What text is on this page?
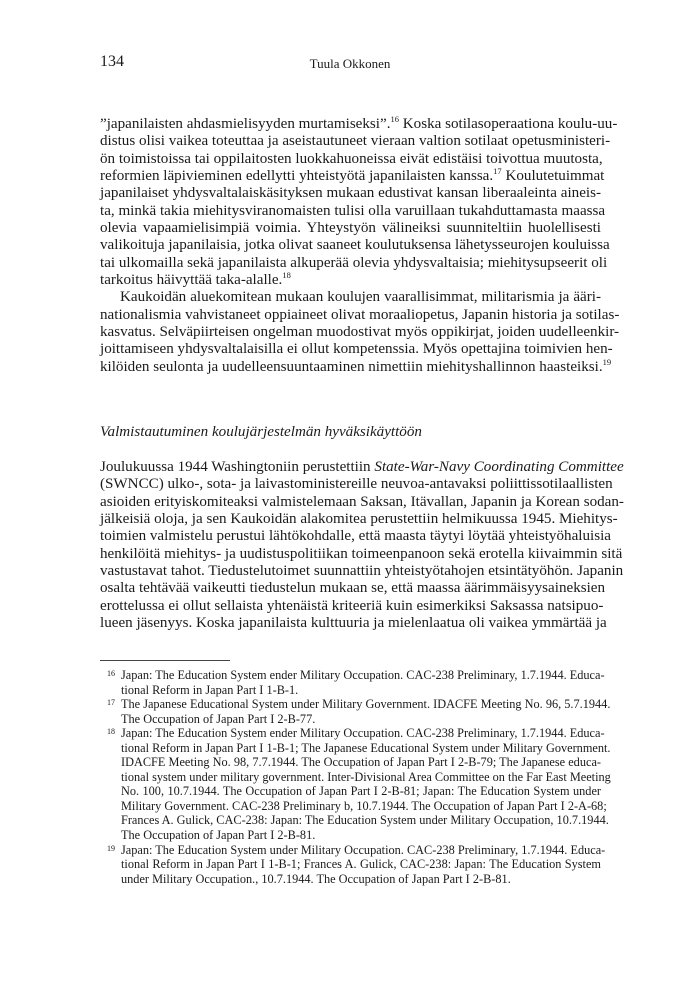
134	Tuula Okkonen
”japanilaisten ahdasmielisyyden murtamiseksi”.$^{16}$ Koska sotilasoperaationa koulu-uu-
distus olisi vaikea toteuttaa ja aseistautuneet vieraan valtion sotilaat opetusministeri-
ön toimistoissa tai oppilaitosten luokkahuoneissa eivät edistäisi toivottua muutosta,
reformien läpivieminen edellytti yhteistyötä japanilaisten kanssa.$^{17}$ Koulutetuimmat
japanilaiset yhdysvaltalaiskäsityksen mukaan edustivat kansan liberaaleinta aineis-
ta, minkä takia miehitysviranomaisten tulisi olla varuillaan tukahduttamasta maassa
olevia vapaamielisimpiä voimia. Yhteystyön välineiksi suunniteltiin huolellisesti
valikoituja japanilaisia, jotka olivat saaneet koulutuksensa lähetysseurojen kouluissa
tai ulkomailla sekä japanilaista alkuperää olevia yhdysvaltaisia; miehitysupseerit oli
tarkoitus häivyttää taka-alalle.$^{18}$
Kaukoidän aluekomitean mukaan koulujen vaarallisimmat, militarismia ja ääri-
nationalismia vahvistaneet oppiaineet olivat moraaliopetus, Japanin historia ja sotilas-
kasvatus. Selväpiirteisen ongelman muodostivat myös oppikirjat, joiden uudelleenkir-
joittamiseen yhdysvaltalaisilla ei ollut kompetenssia. Myös opettajina toimivien hen-
kilöiden seulonta ja uudelleensuuntaaminen nimettiin miehityshallinnon haasteiksi.$^{19}$
Valmistautuminen koulujärjestelmän hyväksikäyttöön
Joulukuussa 1944 Washingtoniin perustettiin State-War-Navy Coordinating Committee
(SWNCC) ulko-, sota- ja laivastoministereille neuvoa-antavaksi poliittissotilaallisten
asioiden erityiskomiteaksi valmistelemaan Saksan, Itävallan, Japanin ja Korean sodan-
jälkeisiä oloja, ja sen Kaukoidän alakomitea perustettiin helmikuussa 1945. Miehitys-
toimien valmistelu perustui lähtökohdalle, että maasta täytyi löytää yhteistyöhaluisia
henkilöitä miehitys- ja uudistuspolitiikan toimeenpanoon sekä erotella kiivaimmin sitä
vastustavat tahot. Tiedustelutoimet suunnattiin yhteistyötahojen etsintätyöhön. Japanin
osalta tehtävää vaikeutti tiedustelun mukaan se, että maassa äärimmäisyysaineksien
erottelussa ei ollut sellaista yhtenäistä kriteeriä kuin esimerkiksi Saksassa natsipuo-
lueen jäsenyys. Koska japanilaista kulttuuria ja mielenlaatua oli vaikea ymmärtää ja
16 Japan: The Education System ender Military Occupation. CAC-238 Preliminary, 1.7.1944. Educa-
tional Reform in Japan Part I 1-B-1.
17 The Japanese Educational System under Military Government. IDACFE Meeting No. 96, 5.7.1944.
The Occupation of Japan Part I 2-B-77.
18 Japan: The Education System ender Military Occupation. CAC-238 Preliminary, 1.7.1944. Educa-
tional Reform in Japan Part I 1-B-1; The Japanese Educational System under Military Government.
IDACFE Meeting No. 98, 7.7.1944. The Occupation of Japan Part I 2-B-79; The Japanese educa-
tional system under military government. Inter-Divisional Area Committee on the Far East Meeting
No. 100, 10.7.1944. The Occupation of Japan Part I 2-B-81; Japan: The Education System under
Military Government. CAC-238 Preliminary b, 10.7.1944. The Occupation of Japan Part I 2-A-68;
Frances A. Gulick, CAC-238: Japan: The Education System under Military Occupation, 10.7.1944.
The Occupation of Japan Part I 2-B-81.
19 Japan: The Education System under Military Occupation. CAC-238 Preliminary, 1.7.1944. Educa-
tional Reform in Japan Part I 1-B-1; Frances A. Gulick, CAC-238: Japan: The Education System
under Military Occupation., 10.7.1944. The Occupation of Japan Part I 2-B-81.
